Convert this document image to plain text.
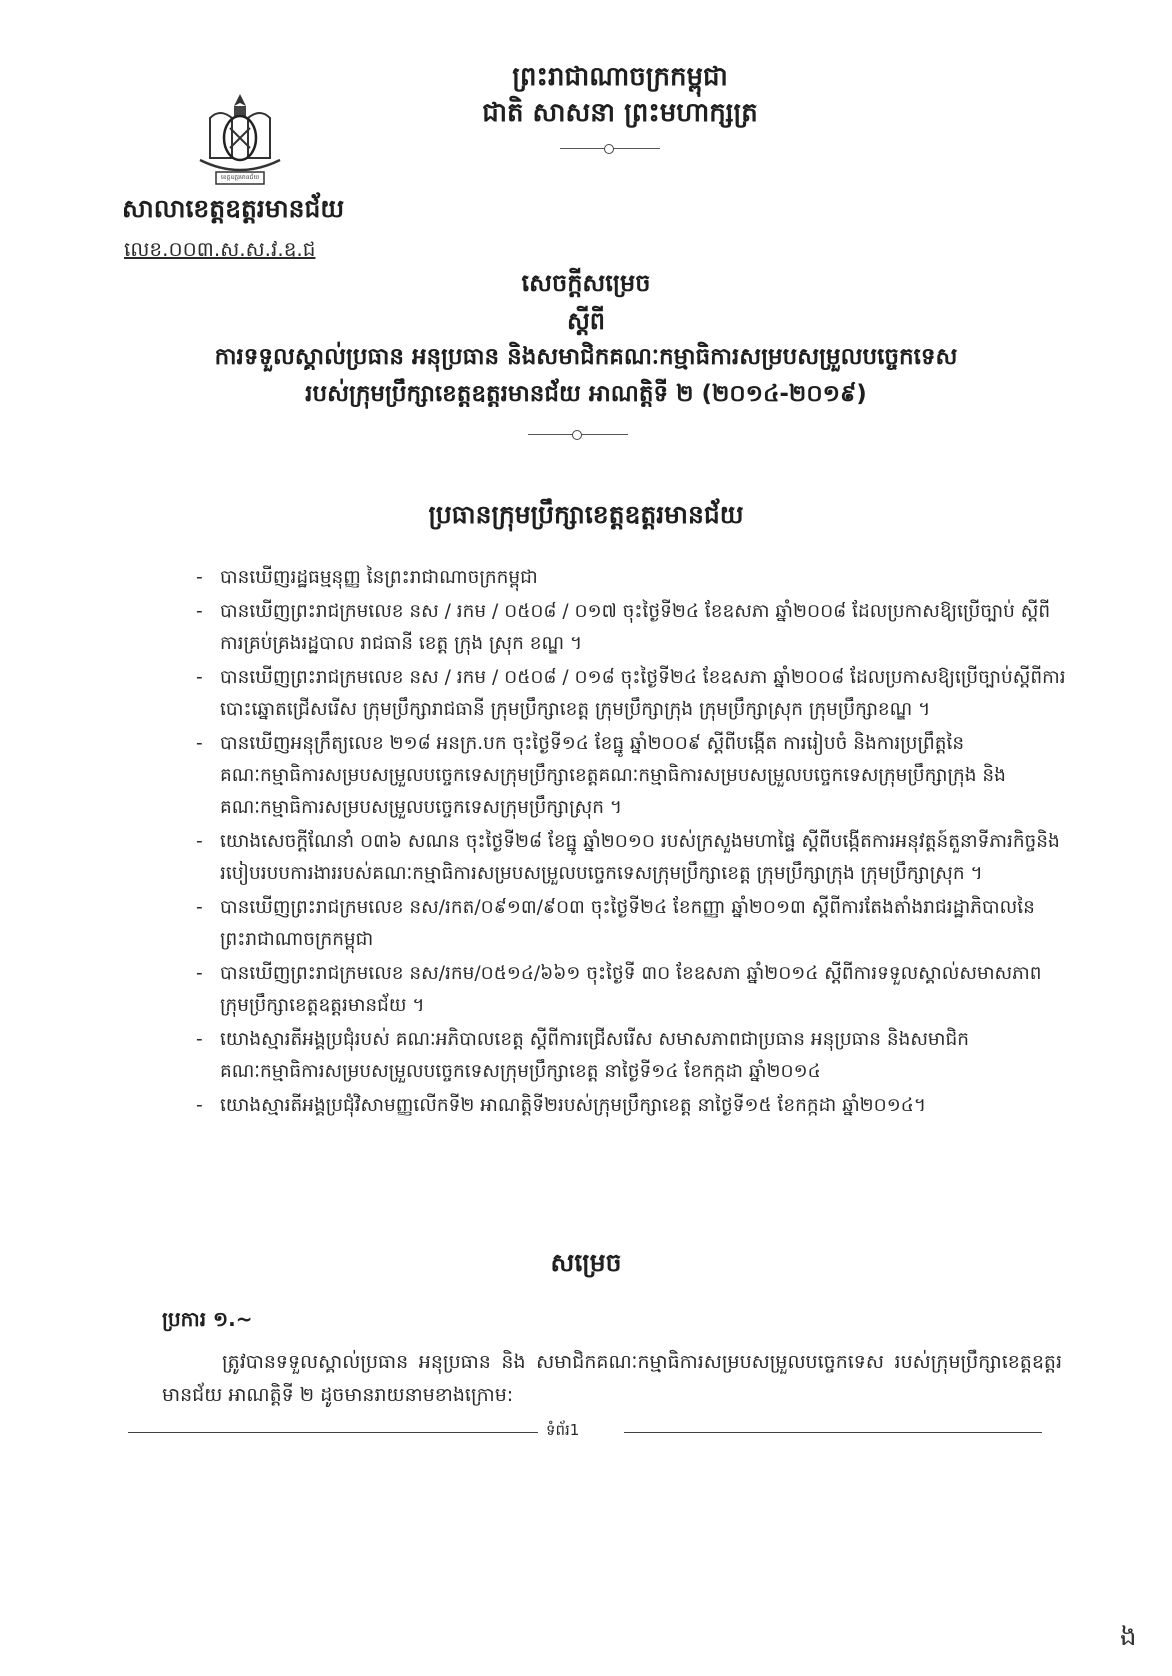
ខេត្តឧត្តរមានជ័យ
ព្រះរាជាណាចក្រកម្ពុជា
ជាតិ សាសនា ព្រះមហាក្សត្រ
សាលាខេត្តឧត្តរមានជ័យ
លេខ.០០៣.ស.ស.វ.ឧ.ជ
សេចក្តីសម្រេច
ស្តីពី
ការទទួលស្គាល់ប្រធាន អនុប្រធាន និងសមាជិកគណៈកម្មាធិការសម្របសម្រួលបច្ចេកទេស
របស់ក្រុមប្រឹក្សាខេត្តឧត្តរមានជ័យ អាណត្តិទី ២ (២០១៤-២០១៩)
ប្រធានក្រុមប្រឹក្សាខេត្តឧត្តរមានជ័យ

- បានឃើញរដ្ឋធម្មនុញ្ញ នៃព្រះរាជាណាចក្រកម្ពុជា

- បានឃើញព្រះរាជក្រមលេខ នស / រកម / ០៥០៨ / ០១៧ ចុះថ្ងៃទី២៤ ខែឧសភា ឆ្នាំ២០០៨ ដែលប្រកាសឱ្យប្រើច្បាប់ ស្តីពីការគ្រប់គ្រងរដ្ឋបាល រាជធានី ខេត្ត ក្រុង ស្រុក ខណ្ឌ ។

- បានឃើញព្រះរាជក្រមលេខ នស / រកម / ០៥០៨ / ០១៨ ចុះថ្ងៃទី២៤ ខែឧសភា ឆ្នាំ២០០៨ ដែលប្រកាសឱ្យប្រើច្បាប់ស្តីពីការបោះឆ្នោតជ្រើសរើស ក្រុមប្រឹក្សារាជធានី ក្រុមប្រឹក្សាខេត្ត ក្រុមប្រឹក្សាក្រុង ក្រុមប្រឹក្សាស្រុក ក្រុមប្រឹក្សាខណ្ឌ ។

- បានឃើញអនុក្រឹត្យលេខ ២១៨ អនក្រ.បក ចុះថ្ងៃទី១៤ ខែធ្នូ ឆ្នាំ២០០៩ ស្តីពីបង្កើត ការរៀបចំ និងការប្រព្រឹត្តនៃគណៈកម្មាធិការសម្របសម្រួលបច្ចេកទេសក្រុមប្រឹក្សាខេត្តគណៈកម្មាធិការសម្របសម្រួលបច្ចេកទេសក្រុមប្រឹក្សាក្រុង និងគណៈកម្មាធិការសម្របសម្រួលបច្ចេកទេសក្រុមប្រឹក្សាស្រុក ។

- យោងសេចក្តីណែនាំ ០៣៦ សណន ចុះថ្ងៃទី២៨ ខែធ្នូ ឆ្នាំ២០១០ របស់ក្រសួងមហាផ្ទៃ ស្តីពីបង្កើតការអនុវត្តន៍តួនាទីភារកិច្ចនិងរបៀបរបបការងាររបស់គណៈកម្មាធិការសម្របសម្រួលបច្ចេកទេសក្រុមប្រឹក្សាខេត្ត ក្រុមប្រឹក្សាក្រុង ក្រុមប្រឹក្សាស្រុក ។

- បានឃើញព្រះរាជក្រមលេខ នស/រកត/០៩១៣/៩០៣ ចុះថ្ងៃទី២៤ ខែកញ្ញា ឆ្នាំ២០១៣ ស្តីពីការតែងតាំងរាជរដ្ឋាភិបាលនៃព្រះរាជាណាចក្រកម្ពុជា

- បានឃើញព្រះរាជក្រមលេខ នស/រកម/០៥១៤/៦៦១ ចុះថ្ងៃទី ៣០ ខែឧសភា ឆ្នាំ២០១៤ ស្តីពីការទទួលស្គាល់សមាសភាពក្រុមប្រឹក្សាខេត្តឧត្តរមានជ័យ ។

- យោងស្មារតីអង្គប្រជុំរបស់ គណៈអភិបាលខេត្ត ស្តីពីការជ្រើសរើស សមាសភាពជាប្រធាន អនុប្រធាន និងសមាជិកគណៈកម្មាធិការសម្របសម្រួលបច្ចេកទេសក្រុមប្រឹក្សាខេត្ត នាថ្ងៃទី១៤ ខែកក្កដា ឆ្នាំ២០១៤

- យោងស្មារតីអង្គប្រជុំវិសាមញ្ញលើកទី២ អាណត្តិទី២របស់ក្រុមប្រឹក្សាខេត្ត នាថ្ងៃទី១៥ ខែកក្កដា ឆ្នាំ២០១៤។

សម្រេច
ប្រការ ១.~
ត្រូវបានទទួលស្គាល់ប្រធាន អនុប្រធាន និង សមាជិកគណៈកម្មាធិការសម្របសម្រួលបច្ចេកទេស របស់ក្រុមប្រឹក្សាខេត្តឧត្តរមានជ័យ អាណត្តិទី ២ ដូចមានរាយនាមខាងក្រោម:
ទំព័រ1
ង
